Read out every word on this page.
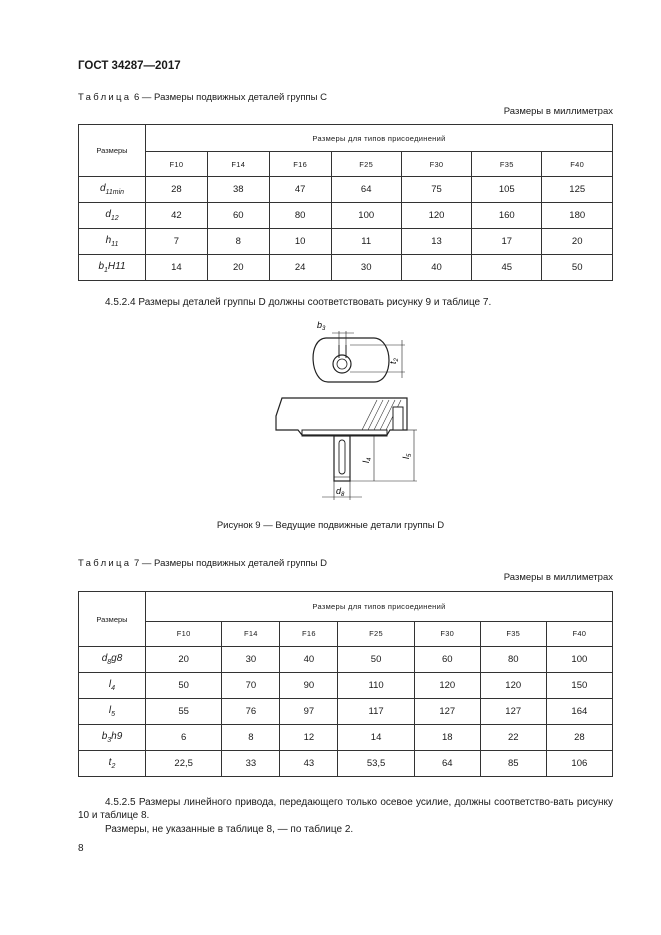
ГОСТ 34287—2017
Таблица 6 — Размеры подвижных деталей группы С
Размеры в миллиметрах
Размеры	Размеры для типов присоединений						
	F10	F14	F16	F25	F30	F35	F40
$d_{11min}$	28	38	47	64	75	105	125
$d_{12}$	42	60	80	100	120	160	180
$h_{11}$	7	8	10	11	13	17	20
$b_1H11$	14	20	24	30	40	45	50
4.5.2.4 Размеры деталей группы D должны соответствовать рисунку 9 и таблице 7.
$b_3$
$t_2$
$l_4$	$l_5$
$d_8$
Рисунок 9 — Ведущие подвижные детали группы D
Таблица 7 — Размеры подвижных деталей группы D
Размеры в миллиметрах
Размеры	Размеры для типов присоединений						
	F10	F14	F16	F25	F30	F35	F40
$d_8g8$	20	30	40	50	60	80	100
$l_4$	50	70	90	110	120	120	150
$l_5$	55	76	97	117	127	127	164
$b_3h9$	6	8	12	14	18	22	28
$t_2$	22,5	33	43	53,5	64	85	106
4.5.2.5 Размеры линейного привода, передающего только осевое усилие, должны соответство-вать рисунку 10 и таблице 8.
Размеры, не указанные в таблице 8, — по таблице 2.
8
